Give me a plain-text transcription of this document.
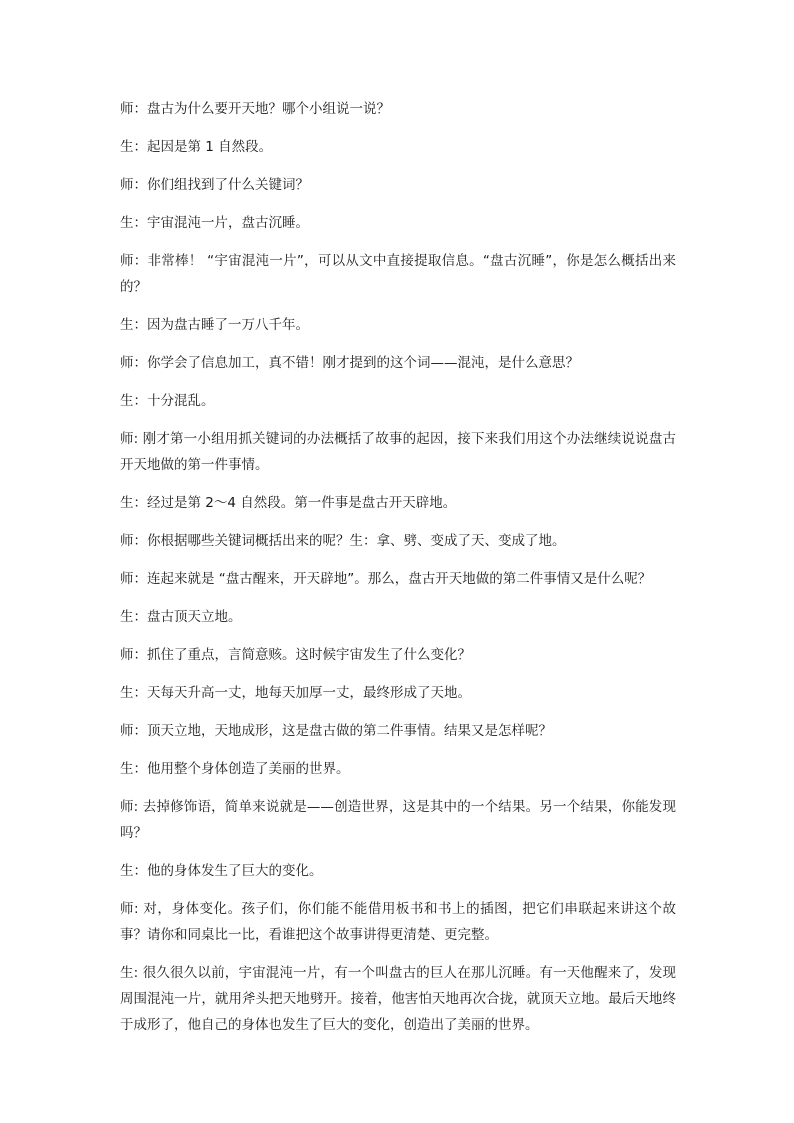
师：盘古为什么要开天地？哪个小组说一说？

生：起因是第 1 自然段。

师：你们组找到了什么关键词？

生：宇宙混沌一片，盘古沉睡。

师：非常棒！ “宇宙混沌一片”，可以从文中直接提取信息。“盘古沉睡”，你是怎么概括出来的？

生：因为盘古睡了一万八千年。

师：你学会了信息加工，真不错！刚才提到的这个词——混沌，是什么意思？

生：十分混乱。

师: 刚才第一小组用抓关键词的办法概括了故事的起因，接下来我们用这个办法继续说说盘古开天地做的第一件事情。

生：经过是第 2～4 自然段。第一件事是盘古开天辟地。

师：你根据哪些关键词概括出来的呢？生：拿、劈、变成了天、变成了地。

师：连起来就是 “盘古醒来，开天辟地”。那么，盘古开天地做的第二件事情又是什么呢？

生：盘古顶天立地。

师：抓住了重点，言简意赅。这时候宇宙发生了什么变化？

生：天每天升高一丈，地每天加厚一丈，最终形成了天地。

师：顶天立地，天地成形，这是盘古做的第二件事情。结果又是怎样呢？

生：他用整个身体创造了美丽的世界。

师: 去掉修饰语，简单来说就是——创造世界，这是其中的一个结果。另一个结果，你能发现吗？

生：他的身体发生了巨大的变化。

师: 对，身体变化。孩子们，你们能不能借用板书和书上的插图，把它们串联起来讲这个故事？请你和同桌比一比，看谁把这个故事讲得更清楚、更完整。

生: 很久很久以前，宇宙混沌一片，有一个叫盘古的巨人在那儿沉睡。有一天他醒来了，发现周围混沌一片，就用斧头把天地劈开。接着，他害怕天地再次合拢，就顶天立地。最后天地终于成形了，他自己的身体也发生了巨大的变化，创造出了美丽的世界。
